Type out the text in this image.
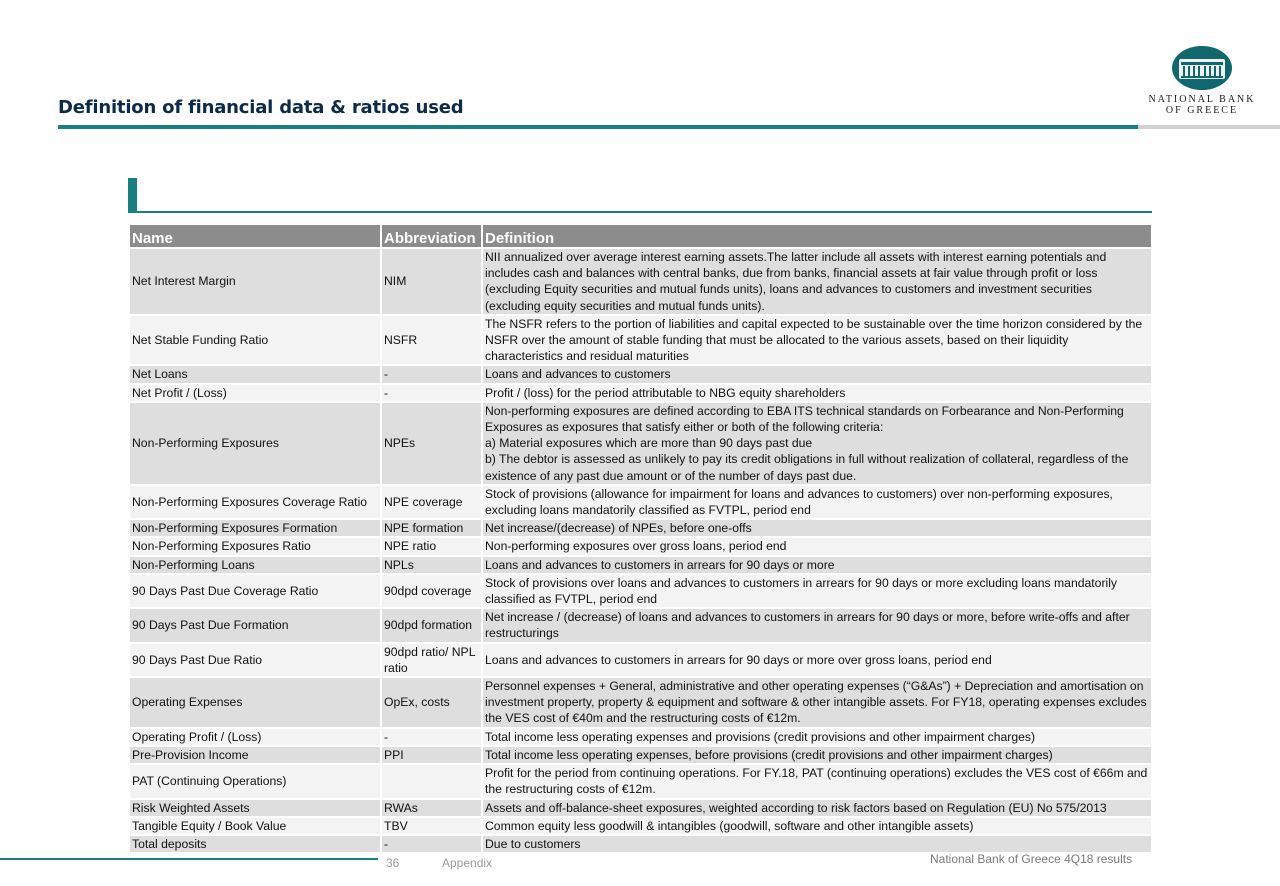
Definition of financial data & ratios used	NATIONAL BANK
OF GREECE
Name	Abbreviation	Definition
Net Interest Margin	NIM	NII annualized over average interest earning assets.The latter include all assets with interest earning potentials and includes cash and balances with central banks, due from banks, financial assets at fair value through profit or loss (excluding Equity securities and mutual funds units), loans and advances to customers and investment securities (excluding equity securities and mutual funds units).
Net Stable Funding Ratio	NSFR	The NSFR refers to the portion of liabilities and capital expected to be sustainable over the time horizon considered by the NSFR over the amount of stable funding that must be allocated to the various assets, based on their liquidity characteristics and residual maturities
Net Loans	-	Loans and advances to customers
Net Profit / (Loss)	-	Profit / (loss) for the period attributable to NBG equity shareholders
Non-Performing Exposures	NPEs	Non-performing exposures are defined according to EBA ITS technical standards on Forbearance and Non-Performing Exposures as exposures that satisfy either or both of the following criteria:
a) Material exposures which are more than 90 days past due
b) The debtor is assessed as unlikely to pay its credit obligations in full without realization of collateral, regardless of the existence of any past due amount or of the number of days past due.
Non-Performing Exposures Coverage Ratio	NPE coverage	Stock of provisions (allowance for impairment for loans and advances to customers) over non-performing exposures, excluding loans mandatorily classified as FVTPL, period end
Non-Performing Exposures Formation	NPE formation	Net increase/(decrease) of NPEs, before one-offs
Non-Performing Exposures Ratio	NPE ratio	Non-performing exposures over gross loans, period end
Non-Performing Loans	NPLs	Loans and advances to customers in arrears for 90 days or more
90 Days Past Due Coverage Ratio	90dpd coverage	Stock of provisions over loans and advances to customers in arrears for 90 days or more excluding loans mandatorily classified as FVTPL, period end
90 Days Past Due Formation	90dpd formation	Net increase / (decrease) of loans and advances to customers in arrears for 90 days or more, before write-offs and after restructurings
90 Days Past Due Ratio	90dpd ratio/ NPL ratio	Loans and advances to customers in arrears for 90 days or more over gross loans, period end
Operating Expenses	OpEx, costs	Personnel expenses + General, administrative and other operating expenses (“G&As”) + Depreciation and amortisation on investment property, property & equipment and software & other intangible assets. For FY18, operating expenses excludes the VES cost of €40m and the restructuring costs of €12m.
Operating Profit / (Loss)	-	Total income less operating expenses and provisions (credit provisions and other impairment charges)
Pre-Provision Income	PPI	Total income less operating expenses, before provisions (credit provisions and other impairment charges)
PAT (Continuing Operations)		Profit for the period from continuing operations. For FY.18, PAT (continuing operations) excludes the VES cost of €66m and the restructuring costs of €12m.
Risk Weighted Assets	RWAs	Assets and off-balance-sheet exposures, weighted according to risk factors based on Regulation (EU) No 575/2013
Tangible Equity / Book Value	TBV	Common equity less goodwill & intangibles (goodwill, software and other intangible assets)
Total deposits	-	Due to customers
36	Appendix	National Bank of Greece 4Q18 results
